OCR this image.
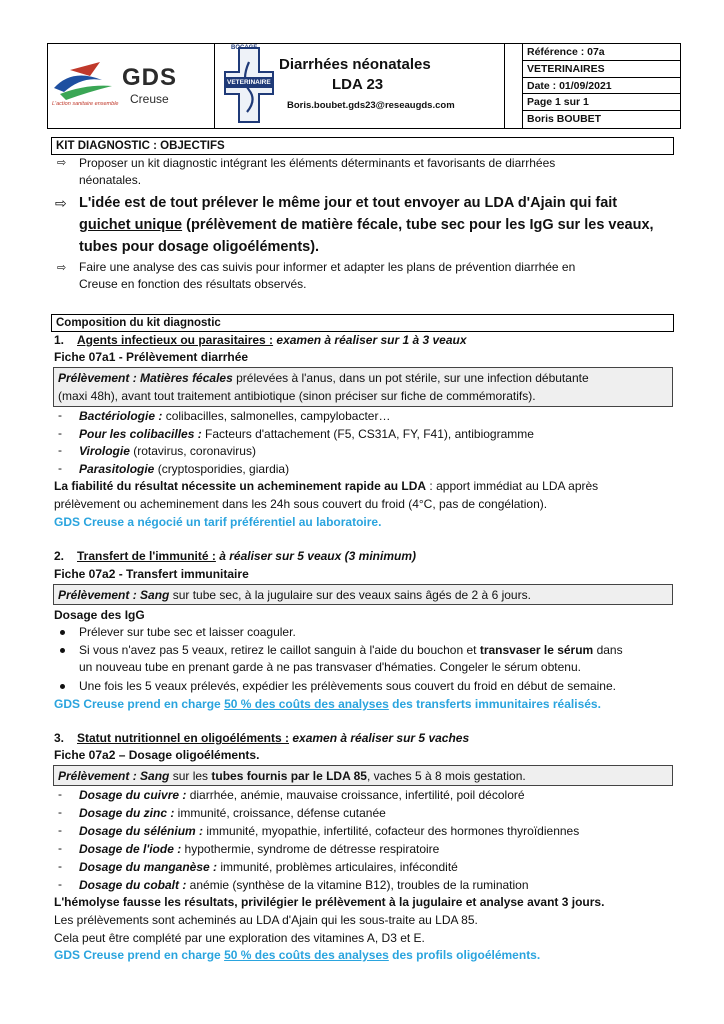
Référence : 07a
VETERINAIRES
Date : 01/09/2021
Page 1 sur 1
Boris BOUBET
GDS
Creuse
L'action sanitaire ensemble
BOCAGE
VETERINAIRE
Diarrhées néonatales
LDA 23
Boris.boubet.gds23@reseaugds.com
KIT DIAGNOSTIC : OBJECTIFS
⇨ Proposer un kit diagnostic intégrant les éléments déterminants et favorisants de diarrhées
néonatales.
⇨ L'idée est de tout prélever le même jour et tout envoyer au LDA d'Ajain qui fait
guichet unique (prélèvement de matière fécale, tube sec pour les IgG sur les veaux,
tubes pour dosage oligoéléments).
⇨ Faire une analyse des cas suivis pour informer et adapter les plans de prévention diarrhée en
Creuse en fonction des résultats observés.
Composition du kit diagnostic
1. Agents infectieux ou parasitaires : examen à réaliser sur 1 à 3 veaux
Fiche 07a1 - Prélèvement diarrhée
Prélèvement : Matières fécales prélevées à l'anus, dans un pot stérile, sur une infection débutante
(maxi 48h), avant tout traitement antibiotique (sinon préciser sur fiche de commémoratifs).
- Bactériologie : colibacilles, salmonelles, campylobacter…
- Pour les colibacilles : Facteurs d'attachement (F5, CS31A, FY, F41), antibiogramme
- Virologie (rotavirus, coronavirus)
- Parasitologie (cryptosporidies, giardia)
La fiabilité du résultat nécessite un acheminement rapide au LDA : apport immédiat au LDA après
prélèvement ou acheminement dans les 24h sous couvert du froid (4°C, pas de congélation).
GDS Creuse a négocié un tarif préférentiel au laboratoire.
2. Transfert de l'immunité : à réaliser sur 5 veaux (3 minimum)
Fiche 07a2 - Transfert immunitaire
Prélèvement : Sang sur tube sec, à la jugulaire sur des veaux sains âgés de 2 à 6 jours.
Dosage des IgG
Prélever sur tube sec et laisser coaguler.
Si vous n'avez pas 5 veaux, retirez le caillot sanguin à l'aide du bouchon et transvaser le sérum dans
un nouveau tube en prenant garde à ne pas transvaser d'hématies. Congeler le sérum obtenu.
Une fois les 5 veaux prélevés, expédier les prélèvements sous couvert du froid en début de semaine.
GDS Creuse prend en charge 50 % des coûts des analyses des transferts immunitaires réalisés.
3. Statut nutritionnel en oligoéléments : examen à réaliser sur 5 vaches
Fiche 07a2 – Dosage oligoéléments.
Prélèvement : Sang sur les tubes fournis par le LDA 85, vaches 5 à 8 mois gestation.
- Dosage du cuivre : diarrhée, anémie, mauvaise croissance, infertilité, poil décoloré
- Dosage du zinc : immunité, croissance, défense cutanée
- Dosage du sélénium : immunité, myopathie, infertilité, cofacteur des hormones thyroïdiennes
- Dosage de l'iode : hypothermie, syndrome de détresse respiratoire
- Dosage du manganèse : immunité, problèmes articulaires, infécondité
- Dosage du cobalt : anémie (synthèse de la vitamine B12), troubles de la rumination
L'hémolyse fausse les résultats, privilégier le prélèvement à la jugulaire et analyse avant 3 jours.
Les prélèvements sont acheminés au LDA d'Ajain qui les sous-traite au LDA 85.
Cela peut être complété par une exploration des vitamines A, D3 et E.
GDS Creuse prend en charge 50 % des coûts des analyses des profils oligoéléments.
